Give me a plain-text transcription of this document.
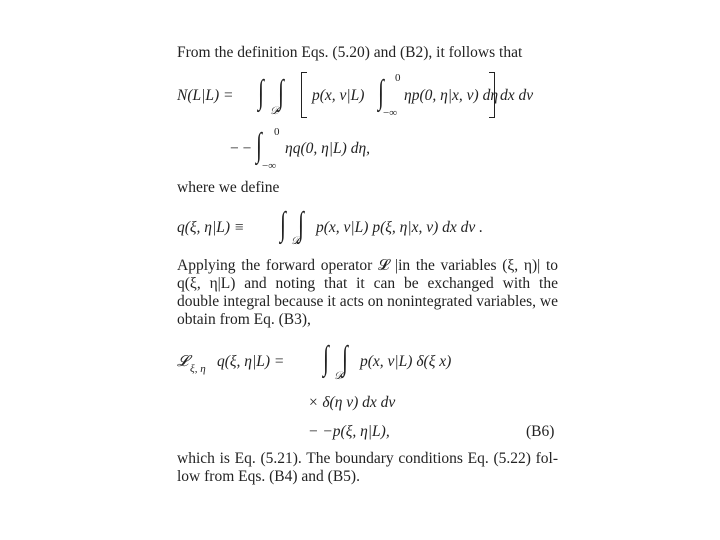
From the definition Eqs. (5.20) and (B2), it follows that
N(L|L) = ∫ ∫
𝒟
p(x, v|L) ∫ 0
−∞
ηp(0, η|x, v) dη dx dv
− − ∫ 0
−∞
ηq(0, η|L) dη,
where we define
q(ξ, η|L) ≡ ∫ ∫
𝒟
p(x, v|L) p(ξ, η|x, v) dx dv .
Applying the forward operator 𝓛 |in the variables (ξ, η)| to
q(ξ, η|L) and noting that it can be exchanged with the
double integral because it acts on nonintegrated variables, we
obtain from Eq. (B3),
𝓛 ξ, η q(ξ, η|L) = ∫ ∫
𝒟
p(x, v|L) δ(ξ x)
× δ(η v) dx dv
− −p(ξ, η|L),	(B6)
which is Eq. (5.21). The boundary conditions Eq. (5.22) fol-
low from Eqs. (B4) and (B5).
